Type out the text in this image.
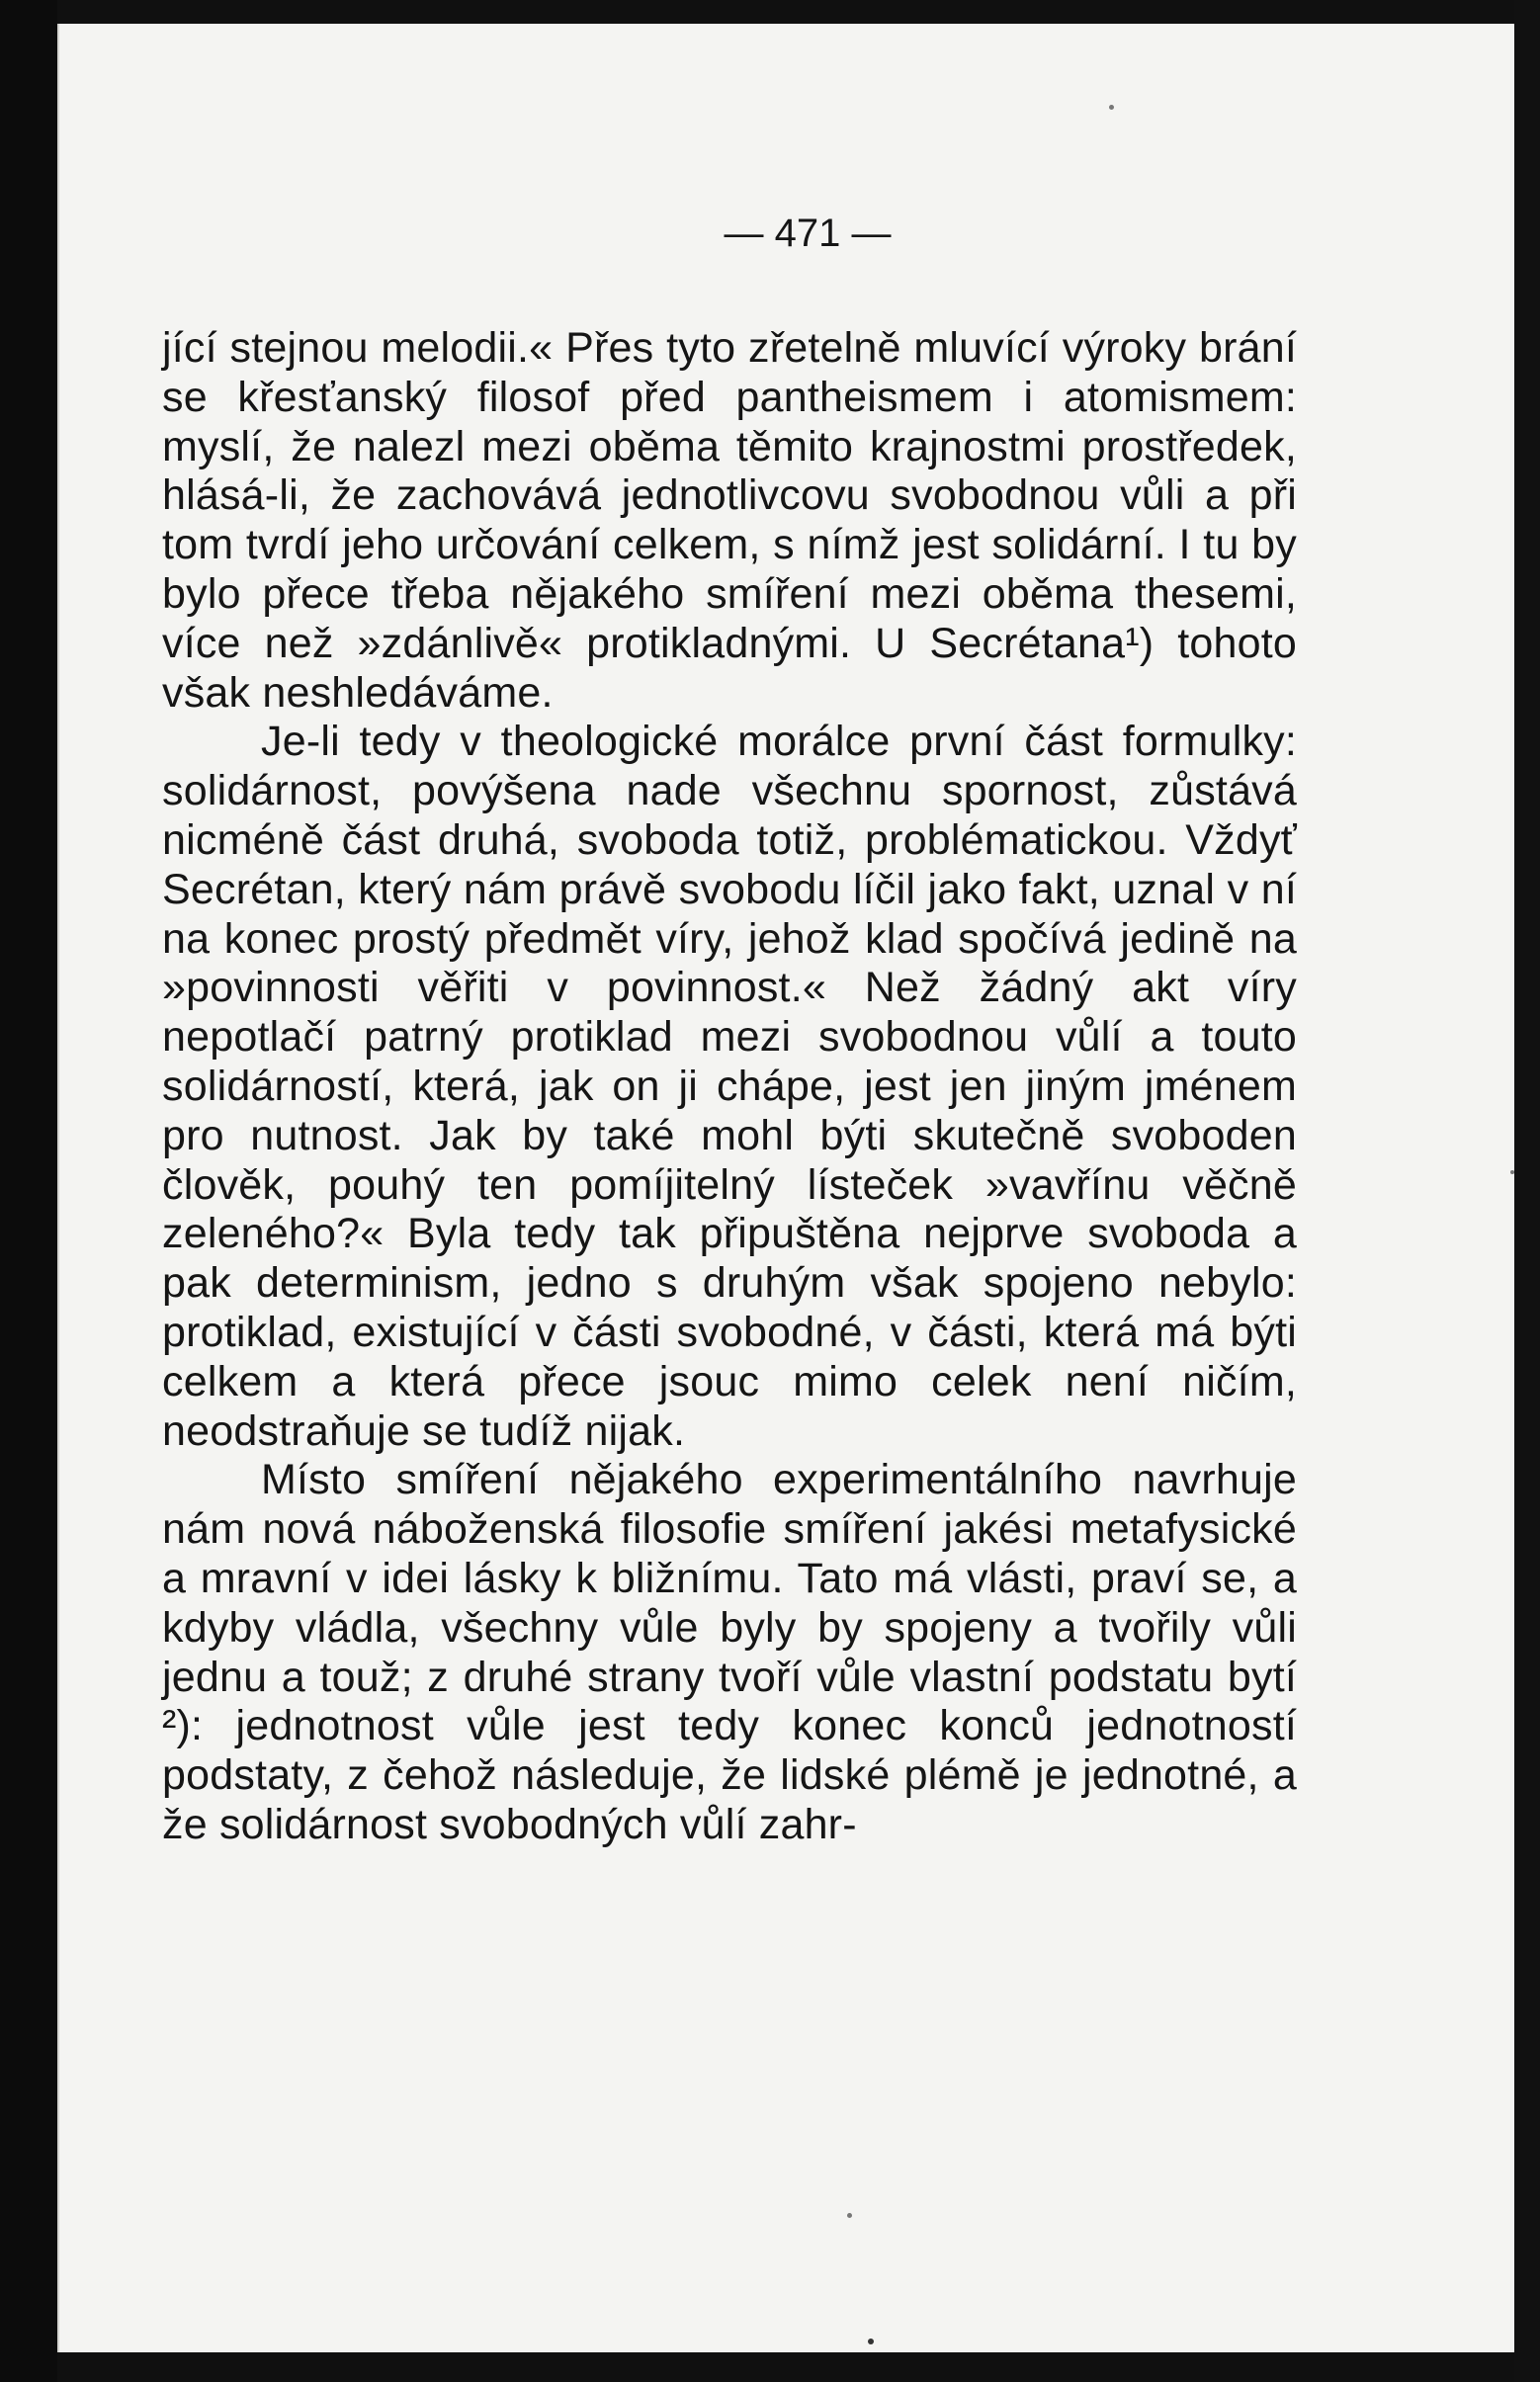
— 471 —

jící stejnou melodii.« Přes tyto zřetelně mluvící výroky brání se křesťanský filosof před pantheismem i atomismem: myslí, že nalezl mezi oběma těmito krajnostmi prostředek, hlásá-li, že zachovává jednotlivcovu svobodnou vůli a při tom tvrdí jeho určování celkem, s nímž jest solidární. I tu by bylo přece třeba nějakého smíření mezi oběma thesemi, více než »zdánlivě« protikladnými. U Secrétana¹) tohoto však neshledáváme.

Je-li tedy v theologické morálce první část formulky: solidárnost, povýšena nade všechnu spornost, zůstává nicméně část druhá, svoboda totiž, problématickou. Vždyť Secrétan, který nám právě svobodu líčil jako fakt, uznal v ní na konec prostý předmět víry, jehož klad spočívá jedině na »povinnosti věřiti v povinnost.« Než žádný akt víry nepotlačí patrný protiklad mezi svobodnou vůlí a touto solidárností, která, jak on ji chápe, jest jen jiným jménem pro nutnost. Jak by také mohl býti skutečně svoboden člověk, pouhý ten pomíjitelný lísteček »vavřínu věčně zeleného?« Byla tedy tak připuštěna nejprve svoboda a pak determinism, jedno s druhým však spojeno nebylo: protiklad, existující v části svobodné, v části, která má býti celkem a která přece jsouc mimo celek není ničím, neodstraňuje se tudíž nijak.

Místo smíření nějakého experimentálního navrhuje nám nová náboženská filosofie smíření jakési metafysické a mravní v idei lásky k bližnímu. Tato má vlásti, praví se, a kdyby vládla, všechny vůle byly by spojeny a tvořily vůli jednu a touž; z druhé strany tvoří vůle vlastní podstatu bytí ²): jednotnost vůle jest tedy konec konců jednotností podstaty, z čehož následuje, že lidské plémě je jednotné, a že solidárnost svobodných vůlí zahr-
